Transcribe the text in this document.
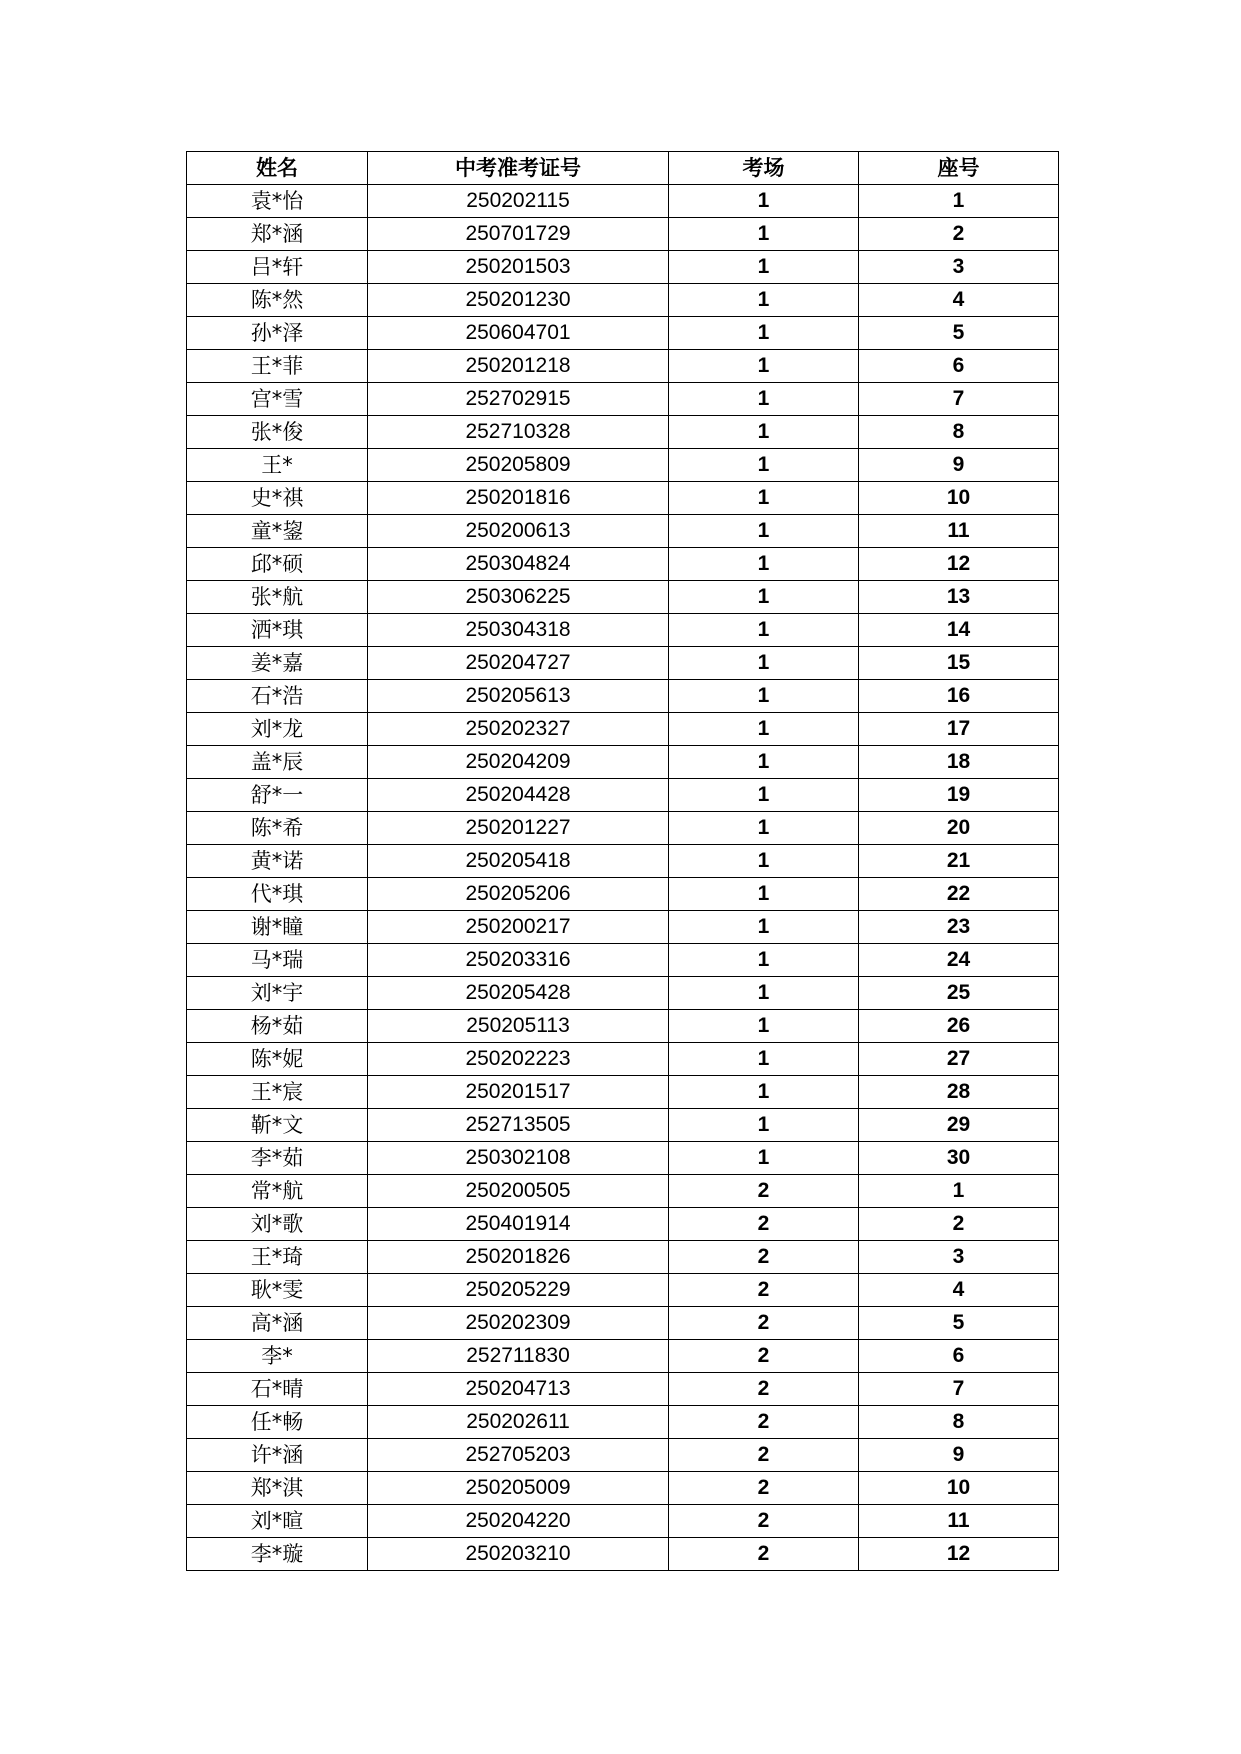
姓名	中考准考证号	考场	座号
袁*怡	250202115	1	1
郑*涵	250701729	1	2
吕*轩	250201503	1	3
陈*然	250201230	1	4
孙*泽	250604701	1	5
王*菲	250201218	1	6
宫*雪	252702915	1	7
张*俊	252710328	1	8
王*	250205809	1	9
史*祺	250201816	1	10
童*鋆	250200613	1	11
邱*硕	250304824	1	12
张*航	250306225	1	13
洒*琪	250304318	1	14
姜*嘉	250204727	1	15
石*浩	250205613	1	16
刘*龙	250202327	1	17
盖*辰	250204209	1	18
舒*一	250204428	1	19
陈*希	250201227	1	20
黄*诺	250205418	1	21
代*琪	250205206	1	22
谢*瞳	250200217	1	23
马*瑞	250203316	1	24
刘*宇	250205428	1	25
杨*茹	250205113	1	26
陈*妮	250202223	1	27
王*宸	250201517	1	28
靳*文	252713505	1	29
李*茹	250302108	1	30
常*航	250200505	2	1
刘*歌	250401914	2	2
王*琦	250201826	2	3
耿*雯	250205229	2	4
高*涵	250202309	2	5
李*	252711830	2	6
石*晴	250204713	2	7
任*畅	250202611	2	8
许*涵	252705203	2	9
郑*淇	250205009	2	10
刘*暄	250204220	2	11
李*璇	250203210	2	12
